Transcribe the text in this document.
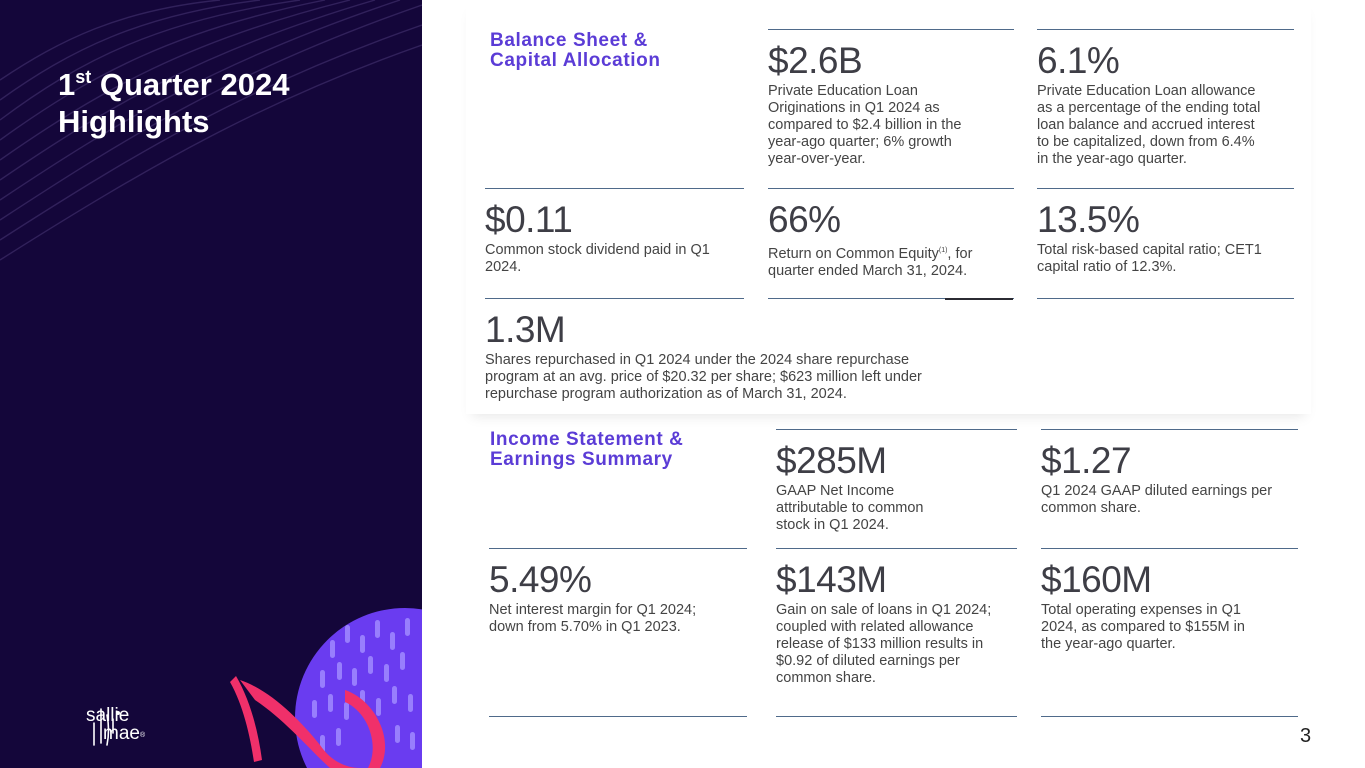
1st Quarter 2024
Highlights
sallie
mae®
Balance Sheet &
Capital Allocation	$2.6B
Private Education Loan Originations in Q1 2024 as compared to $2.4 billion in the year-ago quarter; 6% growth year-over-year.
6.1%
Private Education Loan allowance as a percentage of the ending total loan balance and accrued interest to be capitalized, down from 6.4% in the year-ago quarter.
$0.11
Common stock dividend paid in Q1 2024.
66%
Return on Common Equity$^{(1)}$, for quarter ended March 31, 2024.
13.5%
Total risk-based capital ratio; CET1 capital ratio of 12.3%.
1.3M
Shares repurchased in Q1 2024 under the 2024 share repurchase program at an avg. price of $20.32 per share; $623 million left under repurchase program authorization as of March 31, 2024.
Income Statement &
Earnings Summary	$285M
GAAP Net Income attributable to common stock in Q1 2024.
$1.27
Q1 2024 GAAP diluted earnings per common share.
5.49%
Net interest margin for Q1 2024; down from 5.70% in Q1 2023.
$143M
Gain on sale of loans in Q1 2024; coupled with related allowance release of $133 million results in $0.92 of diluted earnings per common share.
$160M
Total operating expenses in Q1 2024, as compared to $155M in the year-ago quarter.
3
